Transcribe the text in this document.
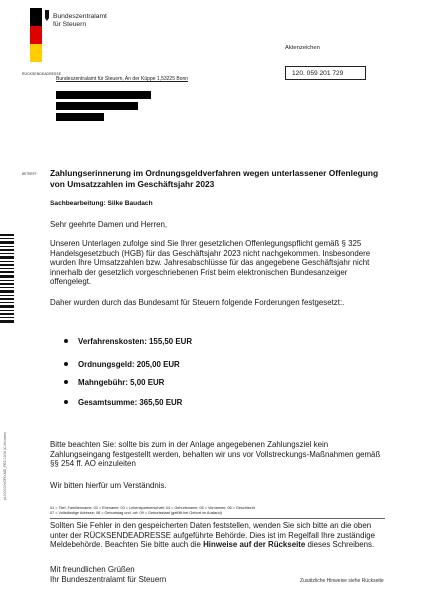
Bundeszentralamt
für Steuern
Aktenzeichen
120. 059 201 729
RÜCKSENDEADRESSE
Bundeszentralamt für Steuern, An der Küppe 1,53225 Bonn
BETREFF Zahlungserinnerung im Ordnungsgeldverfahren wegen unterlassener Offenlegung von Umsatzzahlen im Geschäftsjahr 2023
Sachbearbeitung: Silke Baudach
Sehr geehrte Damen und Herren,
Unseren Unterlagen zufolge sind Sie Ihrer gesetzlichen Offenlegungspflicht gemäß § 325 Handelsgesetzbuch (HGB) für das Geschäftsjahr 2023 nicht nachgekommen. Insbesondere wurden Ihre Umsatzzahlen bzw. Jahresabschlüsse für das angegebene Geschäftsjahr nicht innerhalb der gesetzlich vorgeschriebenen Frist beim elektronischen Bundesanzeiger offengelegt.
Daher wurden durch das Bundesamt für Steuern folgende Forderungen festgesetzt:.
Verfahrenskosten: 155,50 EUR
Ordnungsgeld: 205,00 EUR
Mahngebühr: 5,00 EUR
Gesamtsumme: 365,50 EUR
Bitte beachten Sie: sollte bis zum in der Anlage angegebenen Zahlungsziel kein Zahlungseingang festgestellt werden, behalten wir uns vor Vollstreckungs-Maßnahmen gemäß §§ 254 ff. AO einzuleiten
Wir bitten hierfür um Verständnis.
p1000000VGFO-MD_FRZ 01/06 (C-Hinnime)
01 = Titel, Familienname; 02 = Ehename; 03 = Lebenspartnerschaft; 04 = Geburtsname; 05 = Vornamen; 06 = Geschlecht
07 = Vollständige Adresse; 08 = Geburtstag und -ort; 09 = Geburtsstaat (gefüllt bei Geburt im Ausland)
Sollten Sie Fehler in den gespeicherten Daten feststellen, wenden Sie sich bitte an die oben unter der RÜCKSENDEADRESSE aufgeführte Behörde. Dies ist im Regelfall Ihre zuständige Meldebehörde. Beachten Sie bitte auch die Hinweise auf der Rückseite dieses Schreibens.
Mit freundlichen Grüßen
Ihr Bundeszentralamt für Steuern	Zusätzliche Hinweise siehe Rückseite
